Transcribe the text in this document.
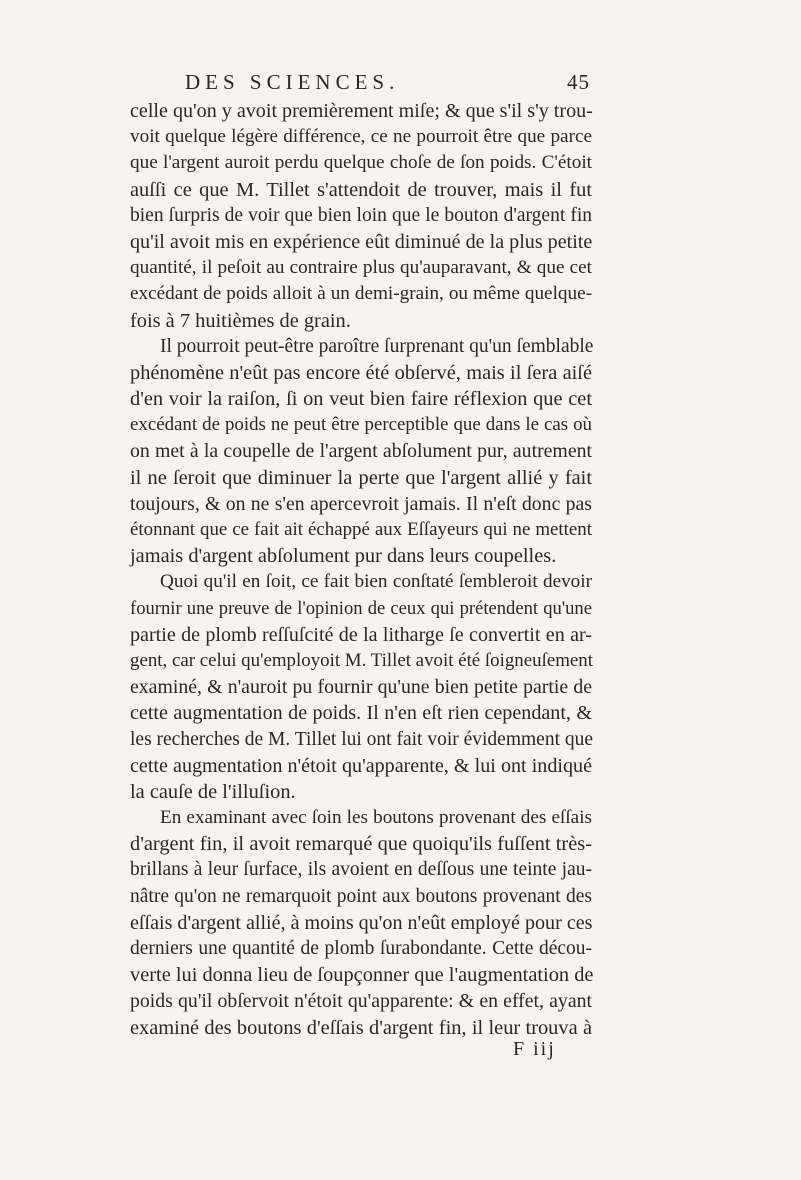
DES SCIENCES.	45
celle qu'on y avoit premièrement miſe; & que s'il s'y trou-
voit quelque légère différence, ce ne pourroit être que parce
que l'argent auroit perdu quelque choſe de ſon poids. C'étoit
auſſi ce que M. Tillet s'attendoit de trouver, mais il fut
bien ſurpris de voir que bien loin que le bouton d'argent fin
qu'il avoit mis en expérience eût diminué de la plus petite
quantité, il peſoit au contraire plus qu'auparavant, & que cet
excédant de poids alloit à un demi-grain, ou même quelque-
fois à 7 huitièmes de grain.
Il pourroit peut-être paroître ſurprenant qu'un ſemblable
phénomène n'eût pas encore été obſervé, mais il ſera aiſé
d'en voir la raiſon, ſi on veut bien faire réflexion que cet
excédant de poids ne peut être perceptible que dans le cas où
on met à la coupelle de l'argent abſolument pur, autrement
il ne ſeroit que diminuer la perte que l'argent allié y fait
toujours, & on ne s'en apercevroit jamais. Il n'eſt donc pas
étonnant que ce fait ait échappé aux Eſſayeurs qui ne mettent
jamais d'argent abſolument pur dans leurs coupelles.
Quoi qu'il en ſoit, ce fait bien conſtaté ſembleroit devoir
fournir une preuve de l'opinion de ceux qui prétendent qu'une
partie de plomb reſſuſcité de la litharge ſe convertit en ar-
gent, car celui qu'employoit M. Tillet avoit été ſoigneuſement
examiné, & n'auroit pu fournir qu'une bien petite partie de
cette augmentation de poids. Il n'en eſt rien cependant, &
les recherches de M. Tillet lui ont fait voir évidemment que
cette augmentation n'étoit qu'apparente, & lui ont indiqué
la cauſe de l'illuſion.
En examinant avec ſoin les boutons provenant des eſſais
d'argent fin, il avoit remarqué que quoiqu'ils fuſſent très-
brillans à leur ſurface, ils avoient en deſſous une teinte jau-
nâtre qu'on ne remarquoit point aux boutons provenant des
eſſais d'argent allié, à moins qu'on n'eût employé pour ces
derniers une quantité de plomb ſurabondante. Cette décou-
verte lui donna lieu de ſoupçonner que l'augmentation de
poids qu'il obſervoit n'étoit qu'apparente: & en effet, ayant
examiné des boutons d'eſſais d'argent fin, il leur trouva à
F iij
